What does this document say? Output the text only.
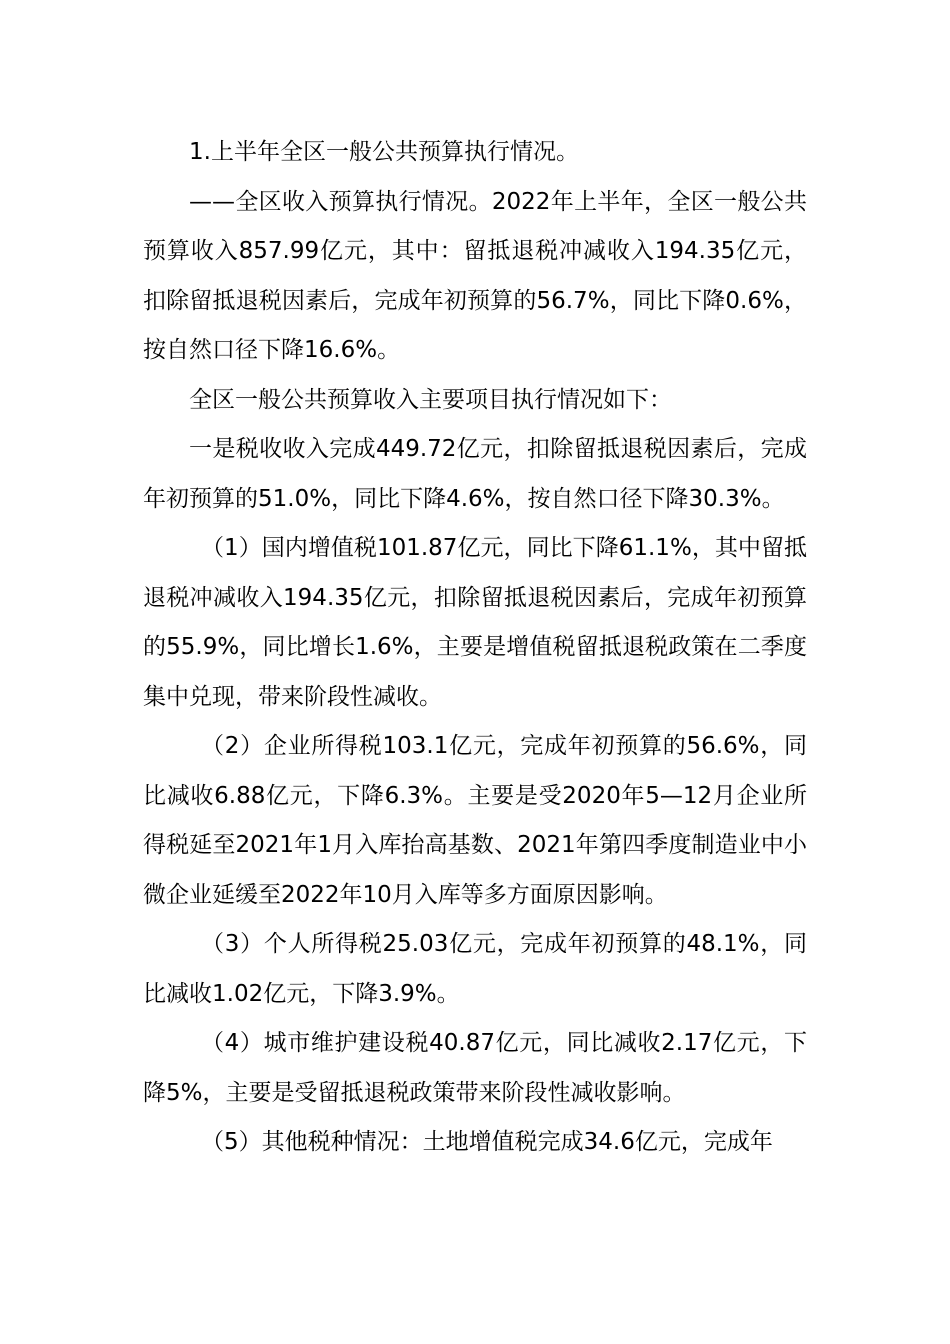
1.上半年全区一般公共预算执行情况。

——全区收入预算执行情况。2022年上半年，全区一般公共预算收入857.99亿元，其中：留抵退税冲减收入194.35亿元，扣除留抵退税因素后，完成年初预算的56.7%，同比下降0.6%，按自然口径下降16.6%。

全区一般公共预算收入主要项目执行情况如下：

一是税收收入完成449.72亿元，扣除留抵退税因素后，完成年初预算的51.0%，同比下降4.6%，按自然口径下降30.3%。

（1）国内增值税101.87亿元，同比下降61.1%，其中留抵退税冲减收入194.35亿元，扣除留抵退税因素后，完成年初预算的55.9%，同比增长1.6%，主要是增值税留抵退税政策在二季度集中兑现，带来阶段性减收。

（2）企业所得税103.1亿元，完成年初预算的56.6%，同比减收6.88亿元，下降6.3%。主要是受2020年5—12月企业所得税延至2021年1月入库抬高基数、2021年第四季度制造业中小微企业延缓至2022年10月入库等多方面原因影响。

（3）个人所得税25.03亿元，完成年初预算的48.1%，同比减收1.02亿元，下降3.9%。

（4）城市维护建设税40.87亿元，同比减收2.17亿元，下降5%，主要是受留抵退税政策带来阶段性减收影响。

（5）其他税种情况：土地增值税完成34.6亿元，完成年
